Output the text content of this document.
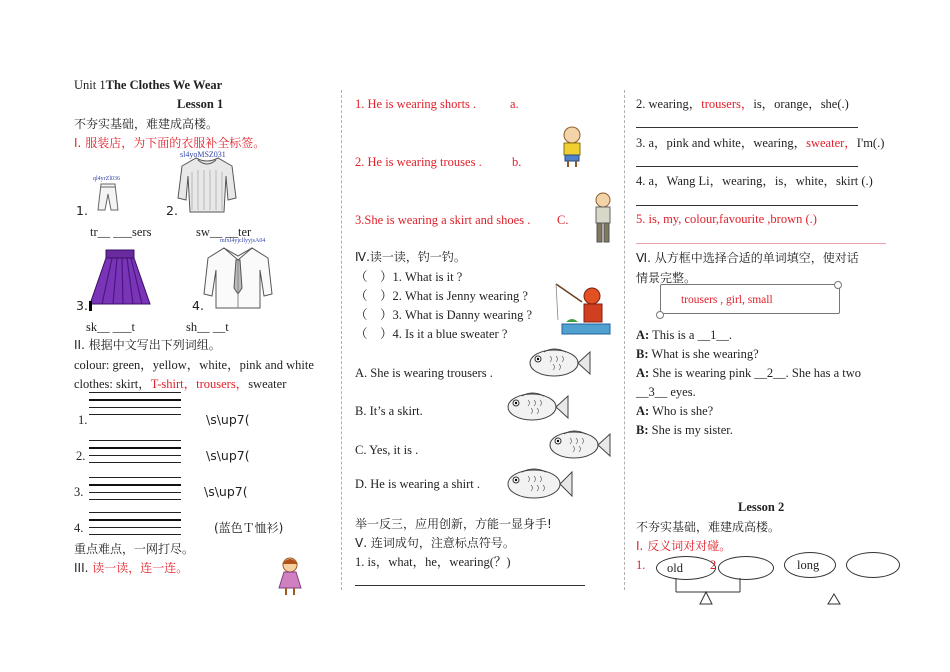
Unit 1The Clothes We Wear
Lesson 1
不夯实基础，难建成高楼。
Ⅰ. 服装店，为下面的衣服补全标签。
sl4yoMSZ031
ql4yrZl036
1.	2.
tr__ ___sers	sw__ __ter
mfxl4yjcllyyjsA04
3.	4.
sk__ ___t	sh__ __t
II. 根据中文写出下列词组。
colour: green，yellow，white，pink and white
clothes: skirt，T-shirt，trousers，sweater
1.	\s\up7(
2.	\s\up7(
3.	\s\up7(
4.	(蓝色Ｔ恤衫)
重点难点，一网打尽。
III. 读一读，连一连。
1. He is wearing shorts .	a.
2. He is wearing trouses . b.
3.She is wearing a skirt and shoes . C.
Ⅳ.读一读，钓一钓。
（　）1. What is it ?
（　）2. What is Jenny wearing ?
（　）3. What is Danny wearing ?
（　）4. Is it a blue sweater ?
A. She is wearing trousers .
B. It’s a skirt.
C. Yes, it is .
D. He is wearing a shirt .
举一反三，应用创新，方能一显身手!
Ⅴ. 连词成句，注意标点符号。
1. is，what，he，wearing(？)
2. wearing，trousers，is，orange，she(.)
3. a，pink and white，wearing，sweater，I'm(.)
4. a，Wang Li，wearing，is，white，skirt (.)
5. is, my, colour,favourite ,brown (.)
Ⅵ. 从方框中选择合适的单词填空，使对话
情景完整。
trousers , girl, small
A: This is a __1__.
B: What is she wearing?
A: She is wearing pink __2__. She has a two
__3__ eyes.
A: Who is she?
B: She is my sister.
Lesson 2
不夯实基础，难建成高楼。
Ⅰ. 反义词对对碰。
1. old 2	long
